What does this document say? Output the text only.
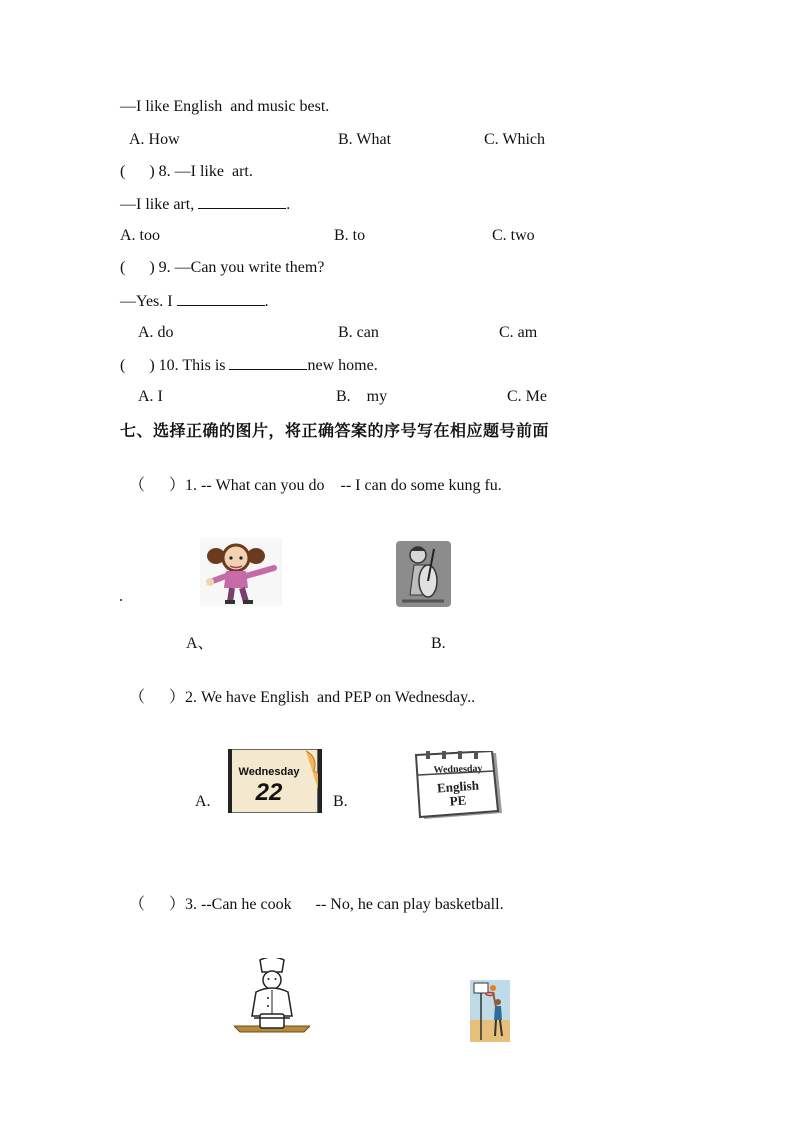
—I like English  and music best.
A. How	B. What	C. Which
(      ) 8. —I like  art.
—I like art,	.
A. too	B. to	C. two
(      ) 9. —Can you write them?
—Yes. I	.
A. do	B. can	C. am
(      ) 10. This is	new home.
A. I	B.    my	C. Me
七、选择正确的图片，将正确答案的序号写在相应题号前面
（      ）1. -- What can you do    -- I can do some kung fu.
A、	B.
（      ）2. We have English  and PEP on Wednesday..
A.
Wednesday
22	B.
Wednesday
English
PE
（      ）3. --Can he cook      -- No, he can play basketball.
